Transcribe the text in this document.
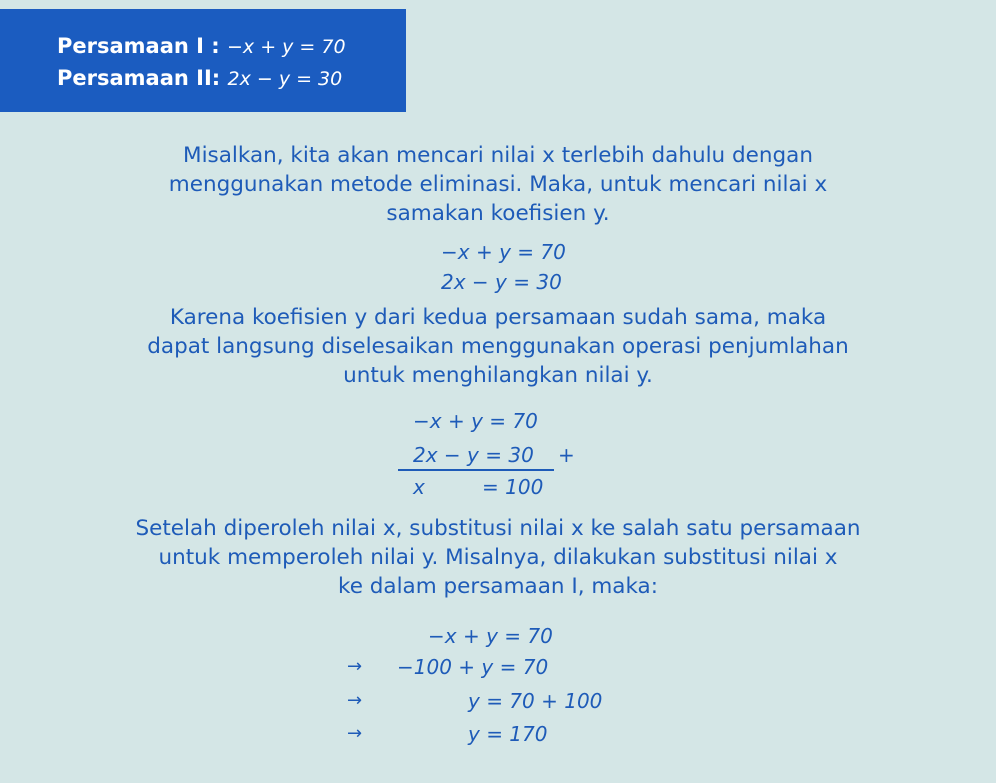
Persamaan I : −x + y = 70
Persamaan II: 2x − y = 30
Misalkan, kita akan mencari nilai x terlebih dahulu dengan
menggunakan metode eliminasi. Maka, untuk mencari nilai x
samakan koefisien y.
−x + y = 70
2x − y = 30
Karena koefisien y dari kedua persamaan sudah sama, maka
dapat langsung diselesaikan menggunakan operasi penjumlahan
untuk menghilangkan nilai y.
−x + y = 70
2x − y = 30 +
x	= 100
Setelah diperoleh nilai x, substitusi nilai x ke salah satu persamaan
untuk memperoleh nilai y. Misalnya, dilakukan substitusi nilai x
ke dalam persamaan I, maka:
−x + y = 70
→ −100 + y = 70
→	y = 70 + 100
→	y = 170
